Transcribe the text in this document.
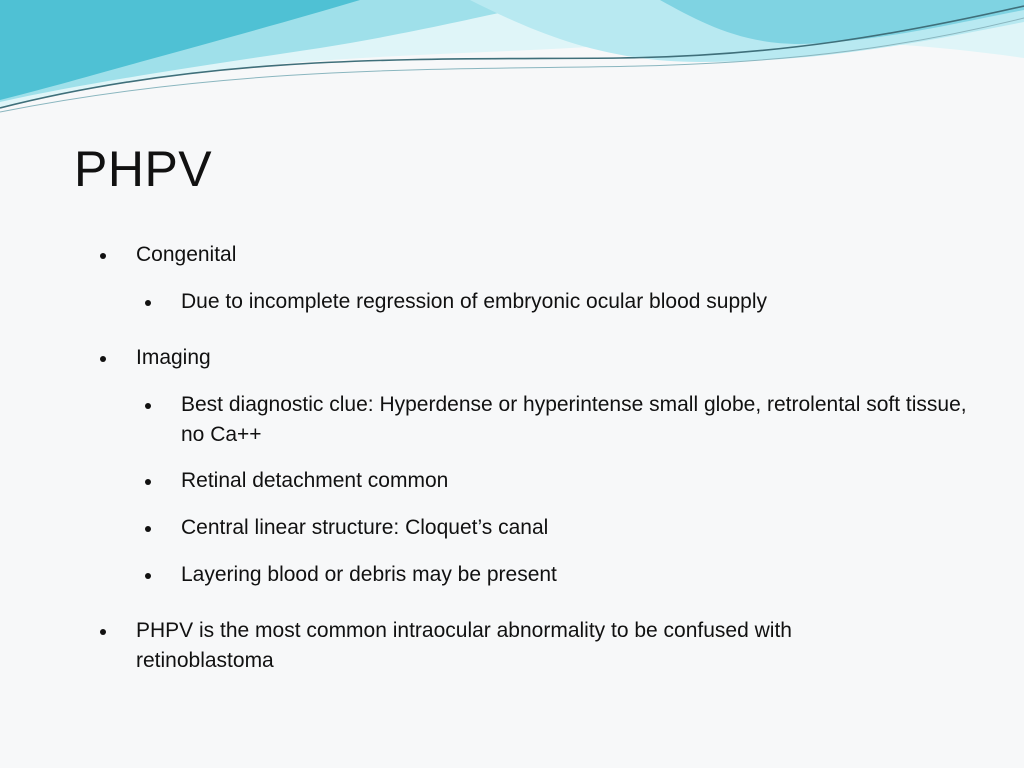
PHPV
Congenital
Due to incomplete regression of embryonic ocular blood supply
Imaging
Best diagnostic clue: Hyperdense or hyperintense small globe, retrolental soft tissue, no Ca++
Retinal detachment common
Central linear structure: Cloquet’s canal
Layering blood or debris may be present
PHPV is the most common intraocular abnormality to be confused with retinoblastoma
